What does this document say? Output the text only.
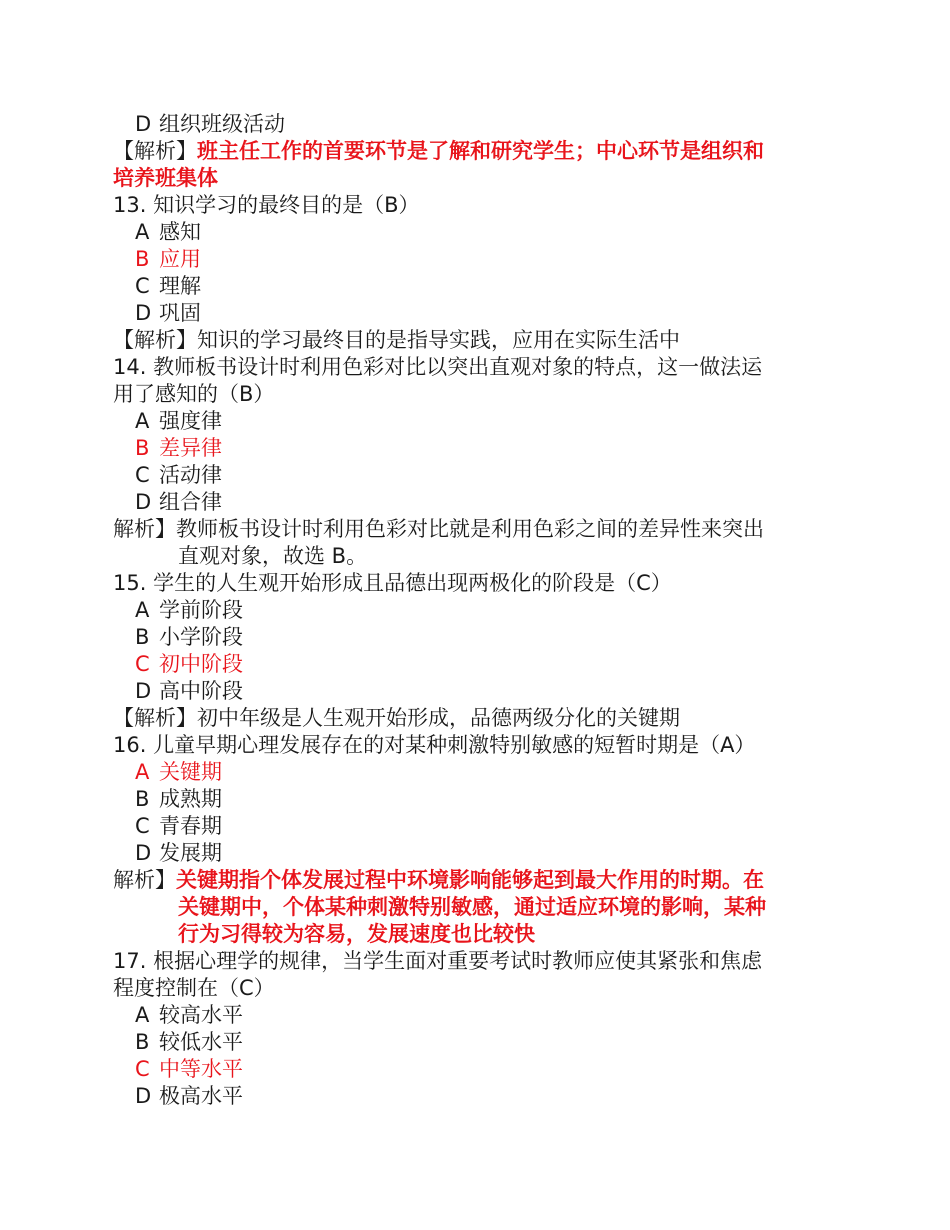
D 组织班级活动
【解析】班主任工作的首要环节是了解和研究学生；中心环节是组织和
培养班集体
13. 知识学习的最终目的是（B）
A 感知
B 应用
C 理解
D 巩固
【解析】知识的学习最终目的是指导实践，应用在实际生活中
14. 教师板书设计时利用色彩对比以突出直观对象的特点，这一做法运
用了感知的（B）
A 强度律
B 差异律
C 活动律
D 组合律
解析】教师板书设计时利用色彩对比就是利用色彩之间的差异性来突出
直观对象，故选 B。
15. 学生的人生观开始形成且品德出现两极化的阶段是（C）
A 学前阶段
B 小学阶段
C 初中阶段
D 高中阶段
【解析】初中年级是人生观开始形成，品德两级分化的关键期
16. 儿童早期心理发展存在的对某种刺激特别敏感的短暂时期是（A）
A 关键期
B 成熟期
C 青春期
D 发展期
解析】关键期指个体发展过程中环境影响能够起到最大作用的时期。在
关键期中，个体某种刺激特别敏感，通过适应环境的影响，某种
行为习得较为容易，发展速度也比较快
17. 根据心理学的规律，当学生面对重要考试时教师应使其紧张和焦虑
程度控制在（C）
A 较高水平
B 较低水平
C 中等水平
D 极高水平
